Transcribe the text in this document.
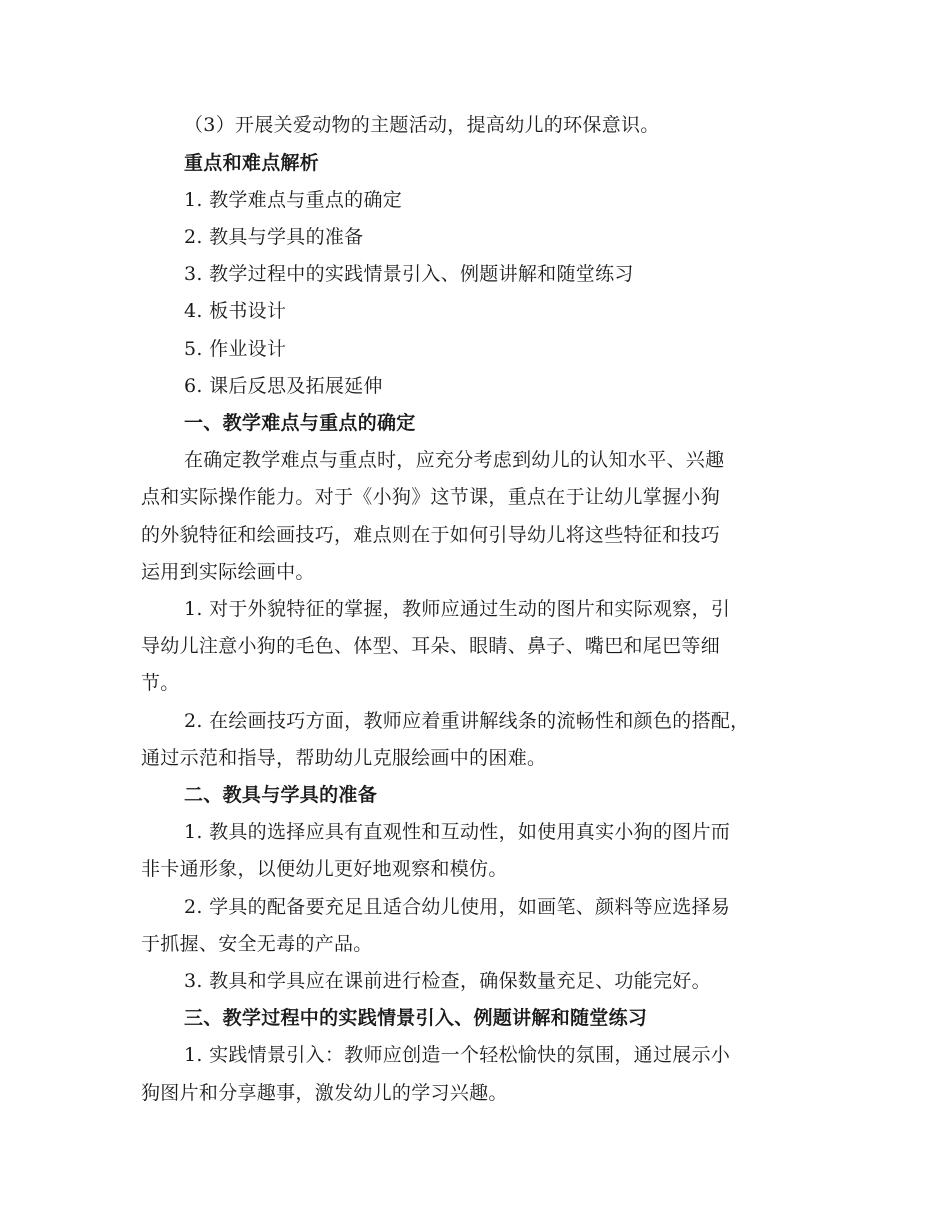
（3）开展关爱动物的主题活动，提高幼儿的环保意识。
重点和难点解析
1. 教学难点与重点的确定
2. 教具与学具的准备
3. 教学过程中的实践情景引入、例题讲解和随堂练习
4. 板书设计
5. 作业设计
6. 课后反思及拓展延伸
一、教学难点与重点的确定
在确定教学难点与重点时，应充分考虑到幼儿的认知水平、兴趣
点和实际操作能力。对于《小狗》这节课，重点在于让幼儿掌握小狗
的外貌特征和绘画技巧，难点则在于如何引导幼儿将这些特征和技巧
运用到实际绘画中。
1. 对于外貌特征的掌握，教师应通过生动的图片和实际观察，引
导幼儿注意小狗的毛色、体型、耳朵、眼睛、鼻子、嘴巴和尾巴等细
节。
2. 在绘画技巧方面，教师应着重讲解线条的流畅性和颜色的搭配，
通过示范和指导，帮助幼儿克服绘画中的困难。
二、教具与学具的准备
1. 教具的选择应具有直观性和互动性，如使用真实小狗的图片而
非卡通形象，以便幼儿更好地观察和模仿。
2. 学具的配备要充足且适合幼儿使用，如画笔、颜料等应选择易
于抓握、安全无毒的产品。
3. 教具和学具应在课前进行检查，确保数量充足、功能完好。
三、教学过程中的实践情景引入、例题讲解和随堂练习
1. 实践情景引入：教师应创造一个轻松愉快的氛围，通过展示小
狗图片和分享趣事，激发幼儿的学习兴趣。
